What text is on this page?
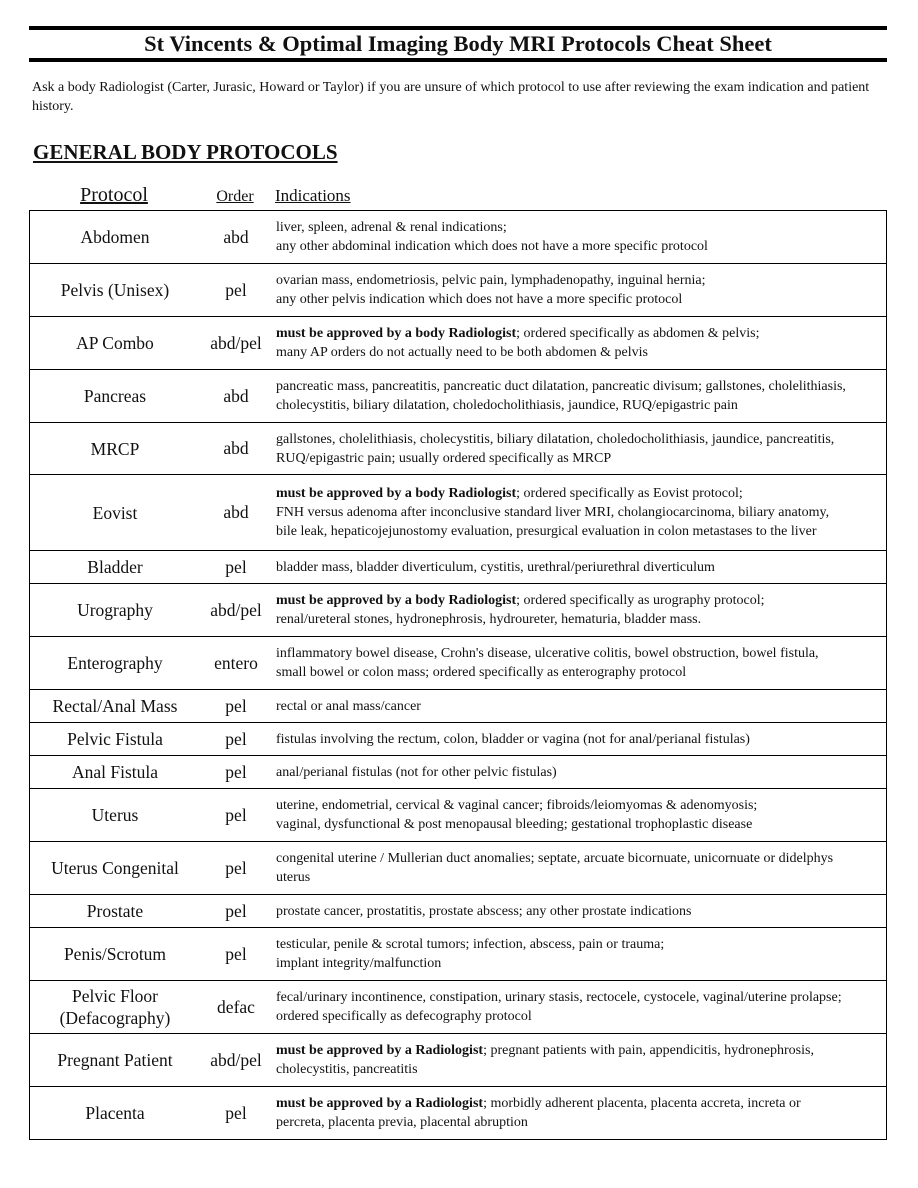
St Vincents & Optimal Imaging Body MRI Protocols Cheat Sheet
Ask a body Radiologist (Carter, Jurasic, Howard or Taylor) if you are unsure of which protocol to use after reviewing the exam indication and patient history.
GENERAL BODY PROTOCOLS
Protocol	Order	Indications
Abdomen	abd	liver, spleen, adrenal & renal indications;
any other abdominal indication which does not have a more specific protocol

Pelvis (Unisex)	pel	ovarian mass, endometriosis, pelvic pain, lymphadenopathy, inguinal hernia;
any other pelvis indication which does not have a more specific protocol

AP Combo	abd/pel	must be approved by a body Radiologist; ordered specifically as abdomen & pelvis;
many AP orders do not actually need to be both abdomen & pelvis

Pancreas	abd	pancreatic mass, pancreatitis, pancreatic duct dilatation, pancreatic divisum; gallstones, cholelithiasis,
cholecystitis, biliary dilatation, choledocholithiasis, jaundice, RUQ/epigastric pain

MRCP	abd	gallstones, cholelithiasis, cholecystitis, biliary dilatation, choledocholithiasis, jaundice, pancreatitis,
RUQ/epigastric pain; usually ordered specifically as MRCP

Eovist	abd	must be approved by a body Radiologist; ordered specifically as Eovist protocol;
FNH versus adenoma after inconclusive standard liver MRI, cholangiocarcinoma, biliary anatomy,
bile leak, hepaticojejunostomy evaluation, presurgical evaluation in colon metastases to the liver

Bladder	pel	bladder mass, bladder diverticulum, cystitis, urethral/periurethral diverticulum

Urography	abd/pel	must be approved by a body Radiologist; ordered specifically as urography protocol;
renal/ureteral stones, hydronephrosis, hydroureter, hematuria, bladder mass.

Enterography	entero	inflammatory bowel disease, Crohn's disease, ulcerative colitis, bowel obstruction, bowel fistula,
small bowel or colon mass; ordered specifically as enterography protocol

Rectal/Anal Mass	pel	rectal or anal mass/cancer

Pelvic Fistula	pel	fistulas involving the rectum, colon, bladder or vagina (not for anal/perianal fistulas)

Anal Fistula	pel	anal/perianal fistulas (not for other pelvic fistulas)

Uterus	pel	uterine, endometrial, cervical & vaginal cancer; fibroids/leiomyomas & adenomyosis;
vaginal, dysfunctional & post menopausal bleeding; gestational trophoplastic disease

Uterus Congenital	pel	congenital uterine / Mullerian duct anomalies; septate, arcuate bicornuate, unicornuate or didelphys
uterus

Prostate	pel	prostate cancer, prostatitis, prostate abscess; any other prostate indications

Penis/Scrotum	pel	testicular, penile & scrotal tumors; infection, abscess, pain or trauma;
implant integrity/malfunction

Pelvic Floor
(Defacography)	defac	fecal/urinary incontinence, constipation, urinary stasis, rectocele, cystocele, vaginal/uterine prolapse;
ordered specifically as defecography protocol

Pregnant Patient	abd/pel	must be approved by a Radiologist; pregnant patients with pain, appendicitis, hydronephrosis,
cholecystitis, pancreatitis

Placenta	pel	must be approved by a Radiologist; morbidly adherent placenta, placenta accreta, increta or
percreta, placenta previa, placental abruption
